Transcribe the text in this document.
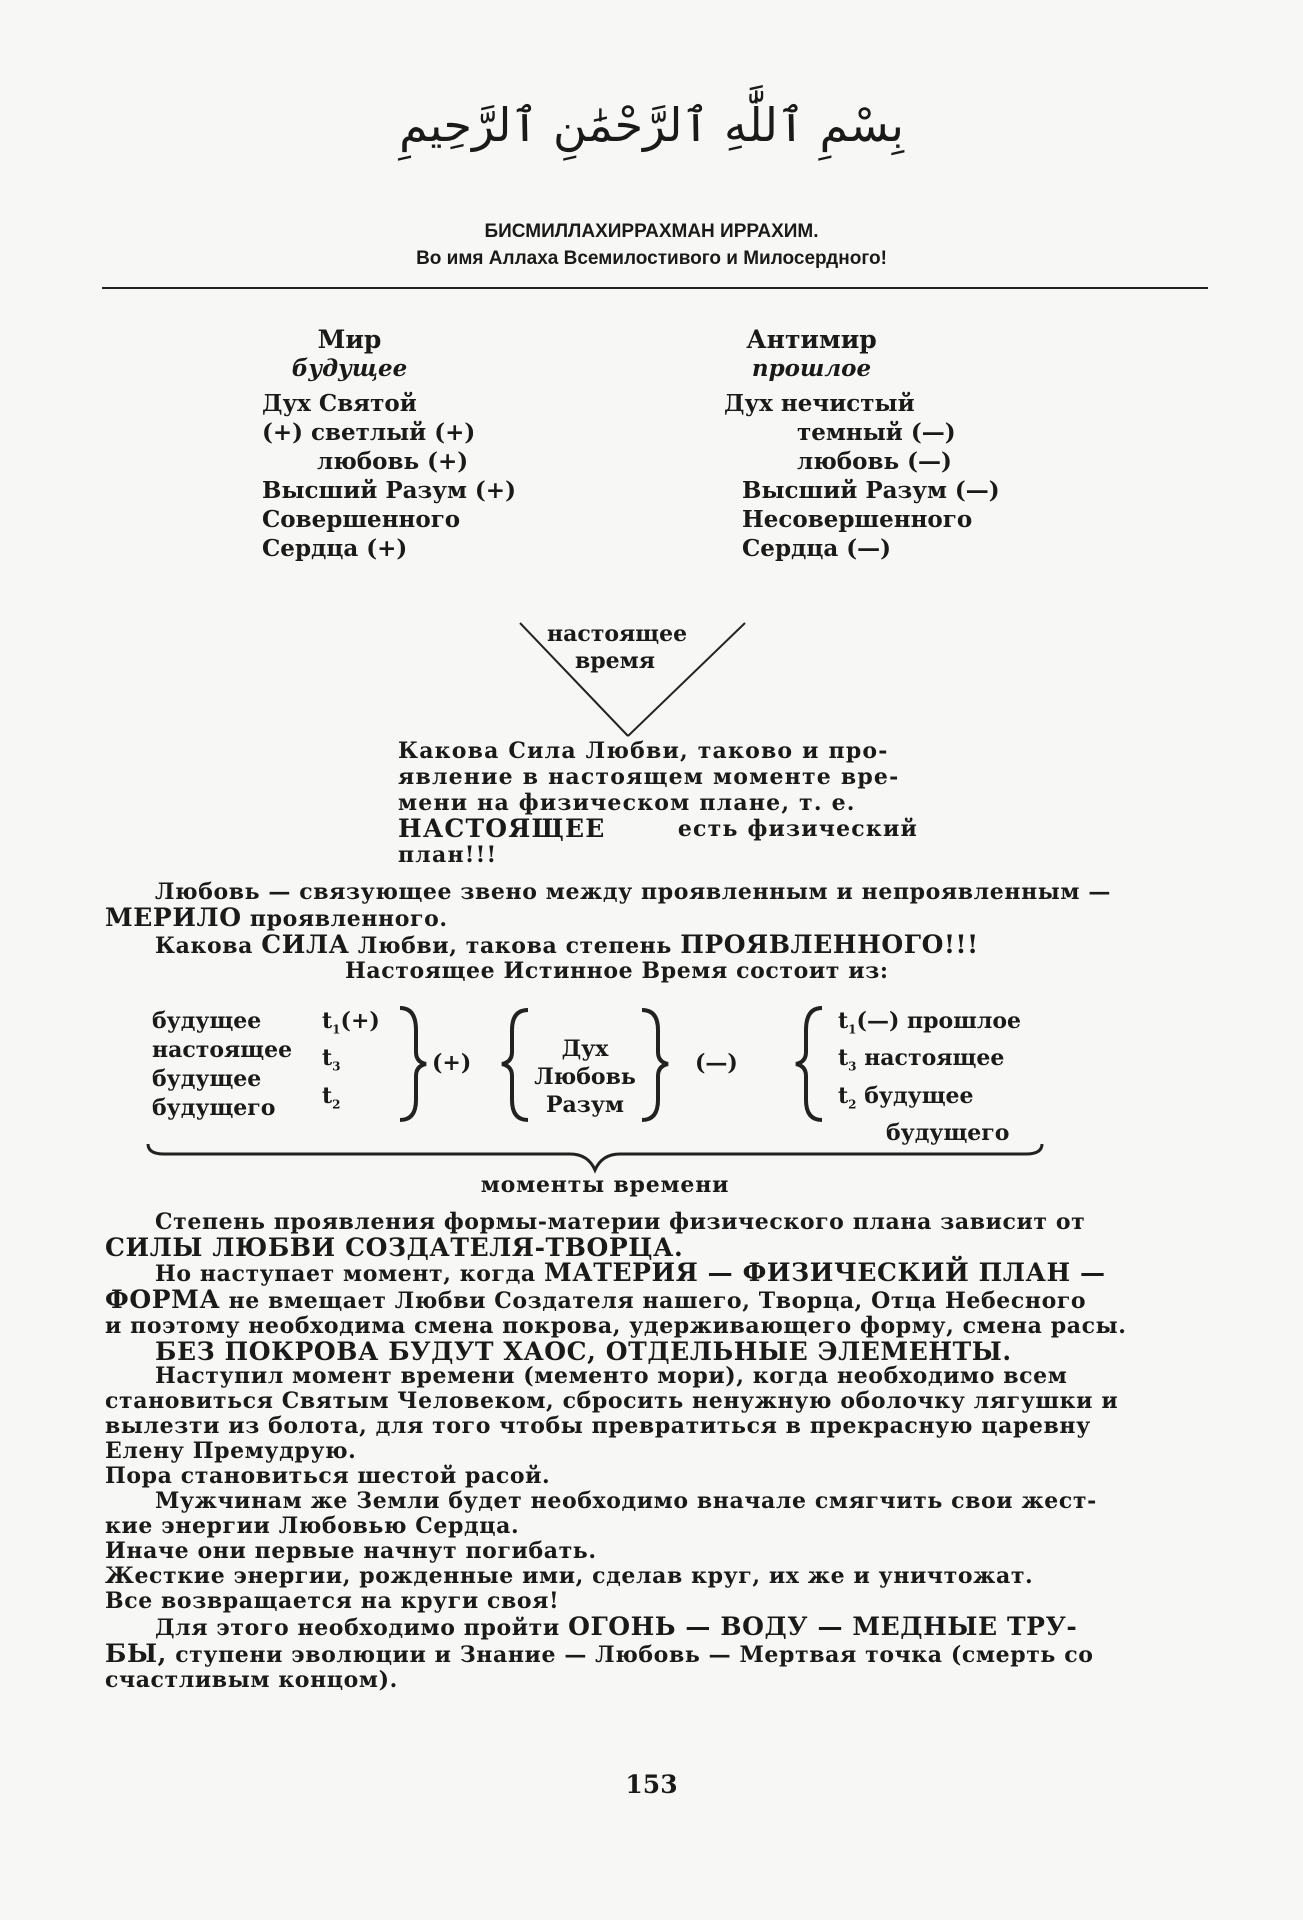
بِسْمِ ٱللَّٰهِ ٱلرَّحْمَٰنِ ٱلرَّحِيمِ
БИСМИЛЛАХИРРАХМАН ИРРАХИМ.
Во имя Аллаха Всемилостивого и Милосердного!
Мир
будущее
Дух Святой
(+) светлый (+)
любовь (+)
Высший Разум (+)
Совершенного
Сердца (+)
Антимир
прошлое
Дух нечистый
темный (—)
любовь (—)
Высший Разум (—)
Несовершенного
Сердца (—)
настоящее
время
Какова Сила Любви, таково и про-
явление в настоящем моменте вре-
мени на физическом плане, т. е.
НАСТОЯЩЕЕ	есть физический
план!!!
Любовь — связующее звено между проявленным и непроявленным —
МЕРИЛО проявленного.
Какова СИЛА Любви, такова степень ПРОЯВЛЕННОГО!!!
Настоящее Истинное Время состоит из:
будущее
настоящее
будущее
будущего
$t_1(+)$
$t_3$
$t_2$
(+)
Дух
Любовь
Разум
(—)
$t_1(—)$ прошлое
$t_3$ настоящее
$t_2$ будущее
будущего
моменты времени
Степень проявления формы-материи физического плана зависит от
СИЛЫ ЛЮБВИ СОЗДАТЕЛЯ-ТВОРЦА.
Но наступает момент, когда МАТЕРИЯ — ФИЗИЧЕСКИЙ ПЛАН —
ФОРМА не вмещает Любви Создателя нашего, Творца, Отца Небесного
и поэтому необходима смена покрова, удерживающего форму, смена расы.
БЕЗ ПОКРОВА БУДУТ ХАОС, ОТДЕЛЬНЫЕ ЭЛЕМЕНТЫ.
Наступил момент времени (мементо мори), когда необходимо всем
становиться Святым Человеком, сбросить ненужную оболочку лягушки и
вылезти из болота, для того чтобы превратиться в прекрасную царевну
Елену Премудрую.
Пора становиться шестой расой.
Мужчинам же Земли будет необходимо вначале смягчить свои жест-
кие энергии Любовью Сердца.
Иначе они первые начнут погибать.
Жесткие энергии, рожденные ими, сделав круг, их же и уничтожат.
Все возвращается на круги своя!
Для этого необходимо пройти ОГОНЬ — ВОДУ — МЕДНЫЕ ТРУ-
БЫ, ступени эволюции и Знание — Любовь — Мертвая точка (смерть со
счастливым концом).
153
